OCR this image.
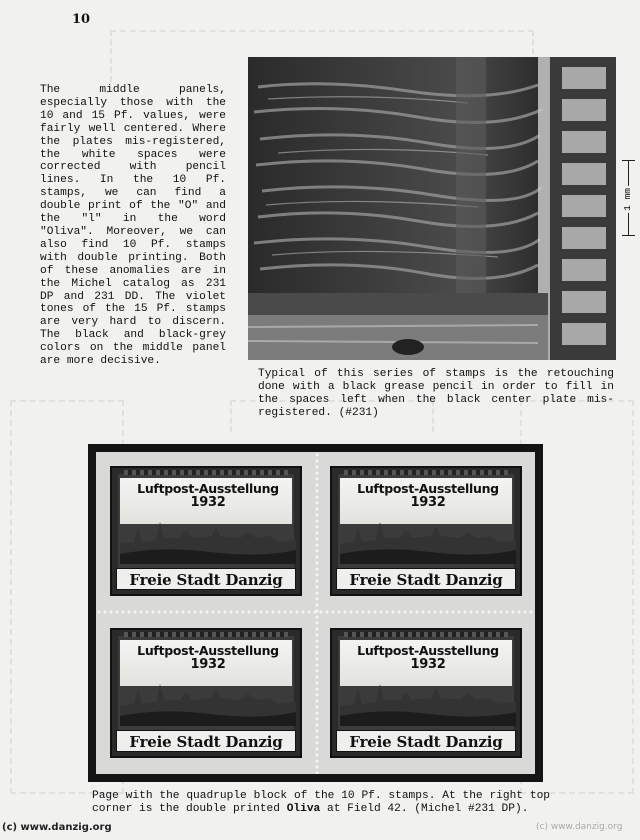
10
The middle panels, especially those with the 10 and 15 Pf. values, were fairly well centered. Where the plates mis-registered, the white spaces were corrected with pencil lines. In the 10 Pf. stamps, we can find a double print of the "O" and the "l" in the word "Oliva". Moreover, we can also find 10 Pf. stamps with double printing. Both of these anomalies are in the Michel catalog as 231 DP and 231 DD. The violet tones of the 15 Pf. stamps are very hard to discern. The black and black-grey colors on the middle panel are more decisive.
1 mm
Typical of this series of stamps is the retouching done with a black grease pencil in order to fill in the spaces left when the black center plate mis-registered. (#231)
Luftpost-Ausstellung
1932
Freie Stadt Danzig
Luftpost-Ausstellung
1932
Freie Stadt Danzig
Luftpost-Ausstellung
1932
Freie Stadt Danzig
Luftpost-Ausstellung
1932
Freie Stadt Danzig
Page with the quadruple block of the 10 Pf. stamps. At the right top corner is the double printed Oliva at Field 42. (Michel #231 DP).
(c) www.danzig.org	(c) www.danzig.org
